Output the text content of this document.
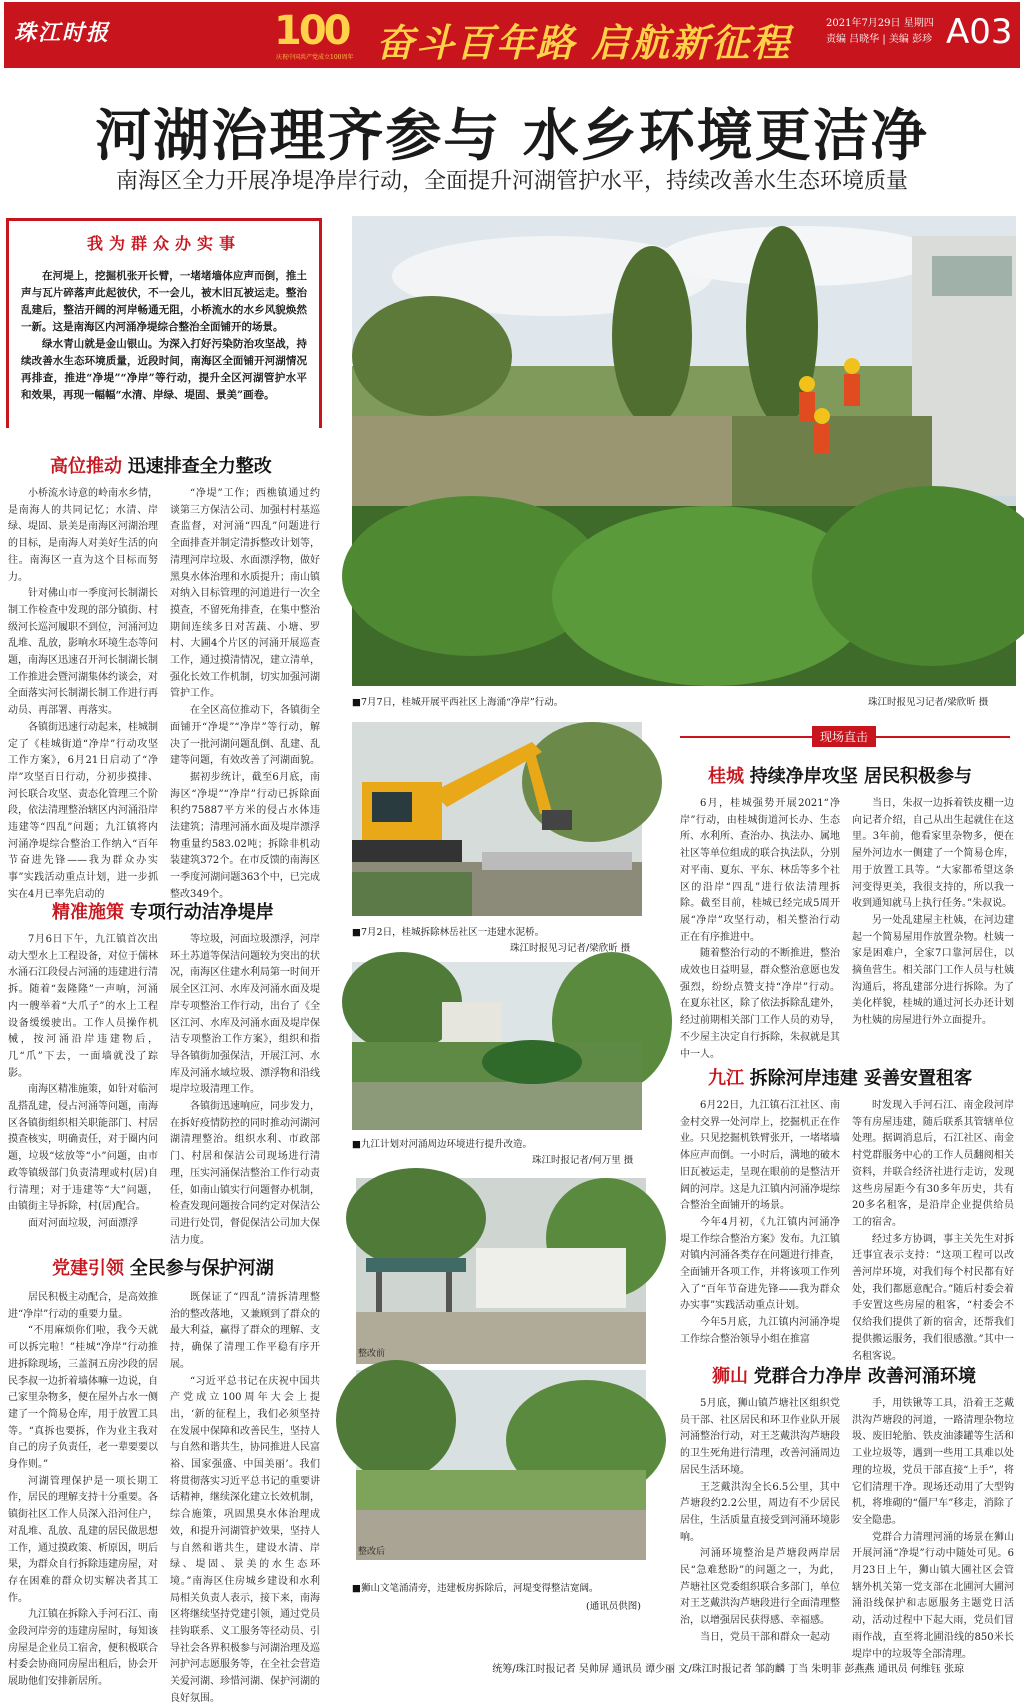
珠江时报	100
庆祝中国共产党成立100周年 奋斗百年路 启航新征程	2021年7月29日 星期四
责编 吕晓华 | 美编 彭珍 A03
河湖治理齐参与 水乡环境更洁净
南海区全力开展净堤净岸行动，全面提升河湖管护水平，持续改善水生态环境质量
我为群众办实事

在河堤上，挖掘机张开长臂，一堵堵墙体应声而倒，推土声与瓦片碎落声此起彼伏，不一会儿，被木旧瓦被运走。整治乱建后，整洁开阔的河岸畅通无阻，小桥流水的水乡风貌焕然一新。这是南海区内河涌净堤综合整治全面铺开的场景。

绿水青山就是金山银山。为深入打好污染防治攻坚战，持续改善水生态环境质量，近段时间，南海区全面铺开河湖情况再排查，推进“净堤”“净岸”等行动，提升全区河湖管护水平和效果，再现一幅幅“水清、岸绿、堤固、景美”画卷。

高位推动 迅速排查全力整改

小桥流水诗意的岭南水乡情，是南海人的共同记忆；水清、岸绿、堤固、景美是南海区河湖治理的目标，是南海人对美好生活的向往。南海区一直为这个目标而努力。

针对佛山市一季度河长制湖长制工作检查中发现的部分镇街、村级河长巡河履职不到位，河涌河边乱堆、乱放，影响水环境生态等问题，南海区迅速召开河长制湖长制工作推进会暨河湖集体约谈会，对全面落实河长制湖长制工作进行再动员、再部署、再落实。

各镇街迅速行动起来，桂城制定了《桂城街道“净岸”行动攻坚工作方案》，6月21日启动了“净岸”攻坚百日行动，分初步摸排、河长联合攻坚、责态化管理三个阶段，依法清理整治辖区内河涌沿岸违建等“四乱”问题；九江镇将内河涌净堤综合整治工作纳入“百年节奋进先锋——我为群众办实事”实践活动重点计划，进一步抓实在4月已率先启动的

“净堤”工作；西樵镇通过约谈第三方保洁公司、加强村村基巡查监督，对河涌“四乱”问题进行全面排查并制定清拆整改计划等，清理河岸垃圾、水面漂浮物，做好黑臭水体治理和水质提升；南山镇对纳入目标管理的河道进行一次全摸查，不留死角排查，在集中整治期间连续多日对苦蔬、小塘、罗村、大圃4个片区的河涌开展巡查工作，通过摸清情况，建立清单，强化长效工作机制，切实加强河湖管护工作。

在全区高位推动下，各镇街全面铺开“净堤”“净岸”等行动，解决了一批河湖问题乱倒、乱建、乱建等问题，有效改善了河湖面貌。

据初步统计，截至6月底，南海区“净堤”“净岸”行动已拆除面积约75887平方米的侵占水体违法建筑；清理河涌水面及堤岸漂浮物重量约583.02吨；拆除非机动装建筑372个。在市反馈的南海区一季度河湖问题363个中，已完成整改349个。

精准施策 专项行动洁净堤岸

7月6日下午，九江镇首次出动大型水上工程设备，对位于儒林水涌石江段侵占河涌的违建进行清拆。随着“轰隆隆”一声响，河涌内一艘举着“大爪子”的水上工程设备缓缓驶出。工作人员操作机械，按河涌沿岸违建物后，几“爪”下去，一面墙就没了踪影。

南海区精准施策，如针对临河乱搭乱建，侵占河涌等问题，南海区各镇街组织相关职能部门、村居摸查核实，明确责任，对于圈内问题，垃圾“炫放等“小”问题，由市政等镇级部门负责清理或村(居)自行清理；对于违建等“大”问题，由镇街主导拆除，村(居)配合。

面对河面垃圾，河面漂浮

等垃圾，河面垃圾漂浮，河岸环土苏道等保洁问题较为突出的状况，南海区住建水利局第一时间开展全区江河、水库及河涌水面及堤岸专项整治工作行动，出台了《全区江河、水库及河涌水面及堤岸保洁专项整治工作方案》，组织和指导各镇街加强保洁，开展江河、水库及河涌水域垃圾、漂浮物和沿线堤岸垃圾清理工作。

各镇街迅速响应，同步发力，在拆好疫情防控的同时推动河湖河湖清理整治。组织水利、市政部门、村居和保洁公司现场进行清理，压实河涌保洁整治工作行动责任，如南山镇实行问题督办机制，检查发现问题按合同约定对保洁公司进行处罚，督促保洁公司加大保洁力度。

党建引领 全民参与保护河湖

居民积极主动配合，是高效推进“净岸”行动的重要力量。

“不用麻烦你们啦，我今天就可以拆完啦！”桂城“净岸”行动推进拆除现场，三盖洞五房沙段的居民李叔一边折着墙体嘛一边说，自己家里杂物多，便在屋外占水一侧建了一个简易仓库，用于放置工具等。“真拆也要拆，作为业主我对自己的房子负责任，老一辈要要以身作则。”

河湖管理保护是一项长期工作，居民的理解支持十分重要。各镇街社区工作人员深入沿河住户，对乱堆、乱放、乱建的居民做思想工作，通过摸政策、析原因，明后果，为群众自行拆除违建房屋，对存在困难的群众切实解决者其工作。

九江镇在拆除入手河石江、南金段河岸旁的违建房屋时，每知该房屋是企业员工宿舍，便积极联合村委会协商同房屋出租后，协会开展助他们安排新居所。

既保证了“四乱”清拆清理整治的整改落地，又兼顾到了群众的最大利益，赢得了群众的理解、支持，确保了清理工作平稳有序开展。

“习近平总书记在庆祝中国共产党成立100周年大会上提出，‘新的征程上，我们必须坚持在发展中保障和改善民生，坚持人与自然和谐共生，协同推进人民富裕、国家强盛、中国美丽’。我们将贯彻落实习近平总书记的重要讲话精神，继续深化建立长效机制，综合施策，巩固黑臭水体治理成效，和提升河湖管护效果，坚持人与自然和谐共生，建设水清、岸绿、堤固、景美的水生态环境。”南海区住房城乡建设和水利局相关负责人表示，接下来，南海区将继续坚持党建引领，通过党员挂钩联系、义工服务等径动员、引导社会各界积极参与河湖治理及巡河护河志愿服务等，在全社会营造关爱河湖、珍惜河湖、保护河湖的良好氛围。

■7月7日，桂城开展平西社区上海涌“净岸”行动。	珠江时报见习记者/梁欣昕 摄
■7月2日，桂城拆除林岳社区一违建水泥桥。
珠江时报见习记者/梁欣昕 摄
■九江计划对河涌周边环境进行提升改造。
珠江时报记者/何万里 摄
整改前
整改后
■狮山文笔涌清旁，违建板房拆除后，河堤变得整洁宽阔。
(通讯员供图)
现场直击
桂城 持续净岸攻坚 居民积极参与

6月，桂城强势开展2021“净岸”行动，由桂城街道河长办、生态所、水利所、查治办、执法办、属地社区等单位组成的联合执法队，分别对平南、夏东、平东、林岳等多个社区的沿岸“四乱”进行依法清理拆除。截至目前，桂城已经完成5周开展“净岸”攻坚行动，相关整治行动正在有序推进中。

随着整治行动的不断推进，整治成效也日益明显，群众整治意愿也发强烈，纷纷点赞支持“净岸”行动。在夏东社区，除了依法拆除乱建外，经过前期相关部门工作人员的劝导，不少屋主决定自行拆除，朱叔就是其中一人。

当日，朱叔一边拆着铁皮棚一边向记者介绍，自己从出生起就住在这里。3年前，他看家里杂物多，便在屋外河边水一侧建了一个简易仓库，用于放置工具等。“大家都希望这条河变得更美，我很支持的，所以我一收到通知就马上执行任务。”朱叔说。

另一处乱建屋主杜姨，在河边建起一个简易屋用作放置杂物。杜姨一家是困难户，全家7口靠河居住，以摘鱼营生。相关部门工作人员与杜姨沟通后，将乱建部分进行拆除。为了美化样貌，桂城的通过河长办还计划为杜姨的房屋进行外立面提升。

九江 拆除河岸违建 妥善安置租客

6月22日，九江镇石江社区、南金村交界一处河岸上，挖掘机正在作业。只见挖掘机铁臂张开，一堵堵墙体应声而倒。一小时后，满地的破木旧瓦被运走，呈现在眼前的是整洁开阔的河岸。这是九江镇内河涌净堤综合整治全面铺开的场景。

今年4月初，《九江镇内河涌净堤工作综合整治方案》发布。九江镇对镇内河涌各类存在问题进行排查，全面铺开各项工作，并将该项工作列入了“百年节奋进先锋——我为群众办实事”实践活动重点计划。

今年5月底，九江镇内河涌净堤工作综合整治领导小组在推富

时发现入手河石江、南金段河岸等有房屋违建，随后联系其管辖单位处理。据调消息后，石江社区、南金村党群服务中心的工作人员翻阅相关资料，并联合经济社进行走访，发现这些房屋距今有30多年历史，共有20多名租客，是沿岸企业提供给员工的宿舍。

经过多方协调，事主关先生对拆迁事宜表示支持：“这项工程可以改善河岸环境，对我们每个村民都有好处，我们都愿意配合。”随后村委会着手安置这些房屋的租客，“村委会不仅给我们提供了新的宿舍，还帮我们提供搬运服务，我们很感激。”其中一名租客说。

狮山 党群合力净岸 改善河涌环境

5月底，狮山镇芦塘社区组织党员干部、社区居民和环卫作业队开展河涌整治行动，对王芝戴洪沟芦塘段的卫生死角进行清理，改善河涌周边居民生活环境。

王芝戴洪沟全长6.5公里，其中芦塘段约2.2公里，周边有不少居民居住，生活质量直接受到河涌环境影响。

河涌环境整治是芦塘段两岸居民“急难愁盼”的问题之一，为此，芦塘社区党委组织联合多部门，单位对王芝戴洪沟芦塘段进行全面清理整治，以增强居民获得感、幸福感。

当日，党员干部和群众一起动

手，用铁锹等工具，沿着王芝戴洪沟芦塘段的河道，一路清理杂物垃圾、废旧轮胎、铁皮油漆罐等生活和工业垃圾等，遇到一些用工具难以处理的垃圾，党员干部直接“上手”，将它们清理干净。现场还动用了大型钩机，将堆砌的“僵尸车”移走，消除了安全隐患。

党群合力清理河涌的场景在狮山开展河涌“净堤”行动中随处可见。6月23日上午，狮山镇大圃社区会管辖外机关第一党支部在北圃河大圃河涌沿线保护和志愿服务主题党日活动，活动过程中下起大雨，党员们冒雨作战，直至将北圃沿线的850米长堤岸中的垃圾等全部清理。

统筹/珠江时报记者 吴帅屏 通讯员 谭少丽 文/珠江时报记者 邹韵麟 丁当 朱明菲 彭燕燕 通讯员 何维钰 张琼
